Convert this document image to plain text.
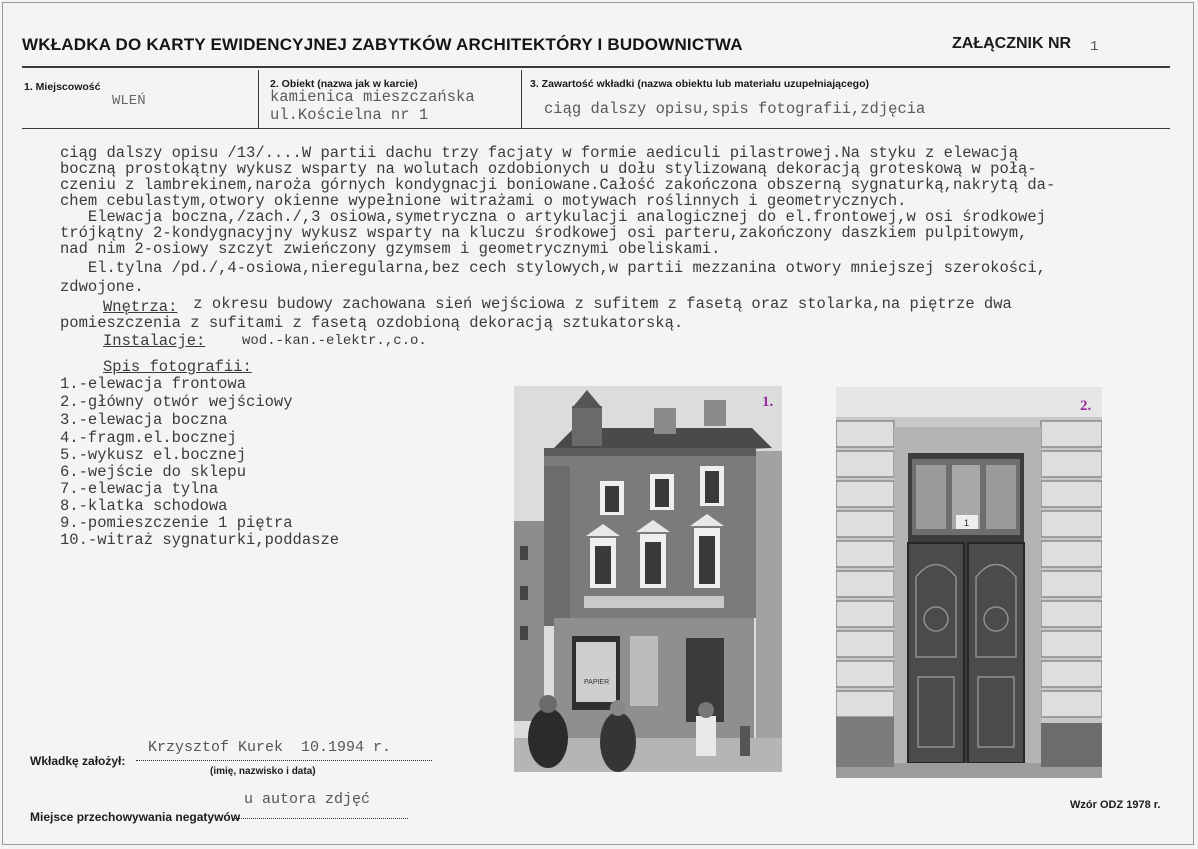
WKŁADKA DO KARTY EWIDENCYJNEJ ZABYTKÓW ARCHITEKTÓRY I BUDOWNICTWA	ZAŁĄCZNIK NR 1
1. Miejscowość
WLEŃ
2. Obiekt (nazwa jak w karcie)
kamienica mieszczańska
ul.Kościelna nr 1
3. Zawartość wkładki (nazwa obiektu lub materiału uzupełniającego)
ciąg dalszy opisu,spis fotografii,zdjęcia
ciąg dalszy opisu /13/....W partii dachu trzy facjaty w formie aediculi pilastrowej.Na styku z elewacją
boczną prostokątny wykusz wsparty na wolutach ozdobionych u dołu stylizowaną dekoracją groteskową w połą-
czeniu z lambrekinem,naroża górnych kondygnacji boniowane.Całość zakończona obszerną sygnaturką,nakrytą da-
chem cebulastym,otwory okienne wypełnione witrażami o motywach roślinnych i geometrycznych.
Elewacja boczna,/zach./,3 osiowa,symetryczna o artykulacji analogicznej do el.frontowej,w osi środkowej
trójkątny 2-kondygnacyjny wykusz wsparty na kluczu środkowej osi parteru,zakończony daszkiem pulpitowym,
nad nim 2-osiowy szczyt zwieńczony gzymsem i geometrycznymi obeliskami.
El.tylna /pd./,4-osiowa,nieregularna,bez cech stylowych,w partii mezzanina otwory mniejszej szerokości,
zdwojone.
Wnętrza: z okresu budowy zachowana sień wejściowa z sufitem z fasetą oraz stolarka,na piętrze dwa
pomieszczenia z sufitami z fasetą ozdobioną dekoracją sztukatorską.
Instalacje:	wod.-kan.-elektr.,c.o.
Spis fotografii:
1.-elewacja frontowa
2.-główny otwór wejściowy
3.-elewacja boczna
4.-fragm.el.bocznej
5.-wykusz el.bocznej
6.-wejście do sklepu
7.-elewacja tylna
8.-klatka schodowa
9.-pomieszczenie 1 piętra
10.-witraż sygnaturki,poddasze
PAPIER
1.
1
2.
Wkładkę założył:
Krzysztof Kurek  10.1994 r.
(imię, nazwisko i data)
Miejsce przechowywania negatywów
u autora zdjęć	Wzór ODZ 1978 r.
